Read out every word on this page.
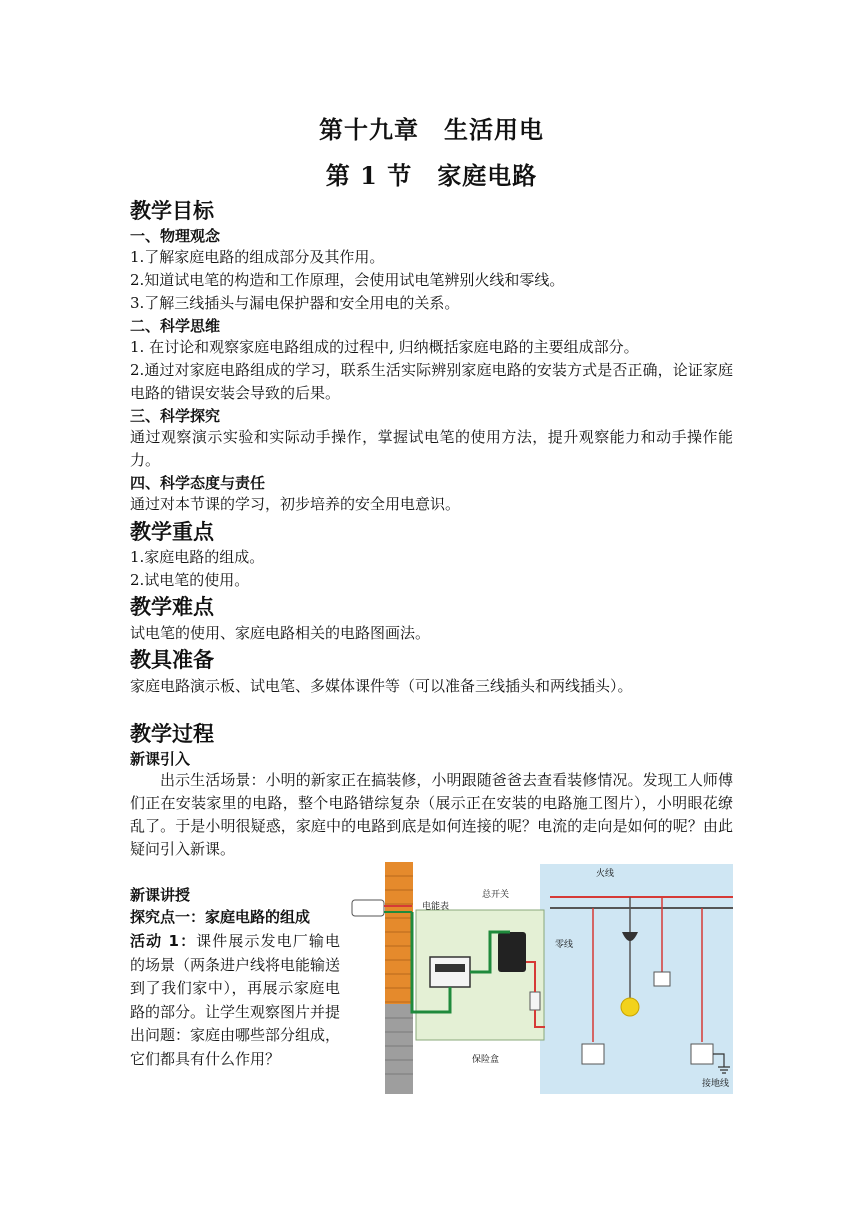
第十九章　生活用电
第 1 节　家庭电路
教学目标
一、物理观念
1.了解家庭电路的组成部分及其作用。
2.知道试电笔的构造和工作原理，会使用试电笔辨别火线和零线。
3.了解三线插头与漏电保护器和安全用电的关系。
二、科学思维
1. 在讨论和观察家庭电路组成的过程中, 归纳概括家庭电路的主要组成部分。
2.通过对家庭电路组成的学习，联系生活实际辨别家庭电路的安装方式是否正确，论证家庭电路的错误安装会导致的后果。
三、科学探究
通过观察演示实验和实际动手操作，掌握试电笔的使用方法，提升观察能力和动手操作能力。
四、科学态度与责任
通过对本节课的学习，初步培养的安全用电意识。
教学重点
1.家庭电路的组成。
2.试电笔的使用。
教学难点
试电笔的使用、家庭电路相关的电路图画法。
教具准备
家庭电路演示板、试电笔、多媒体课件等（可以准备三线插头和两线插头）。
教学过程
新课引入
出示生活场景：小明的新家正在搞装修，小明跟随爸爸去查看装修情况。发现工人师傅们正在安装家里的电路，整个电路错综复杂（展示正在安装的电路施工图片），小明眼花缭乱了。于是小明很疑惑，家庭中的电路到底是如何连接的呢？电流的走向是如何的呢？由此疑问引入新课。
新课讲授
探究点一：家庭电路的组成
活动 1：课件展示发电厂输电的场景（两条进户线将电能输送到了我们家中），再展示家庭电路的部分。让学生观察图片并提出问题：家庭由哪些部分组成，它们都具有什么作用？
电能表
总开关
火线
零线
保险盒
接地线
